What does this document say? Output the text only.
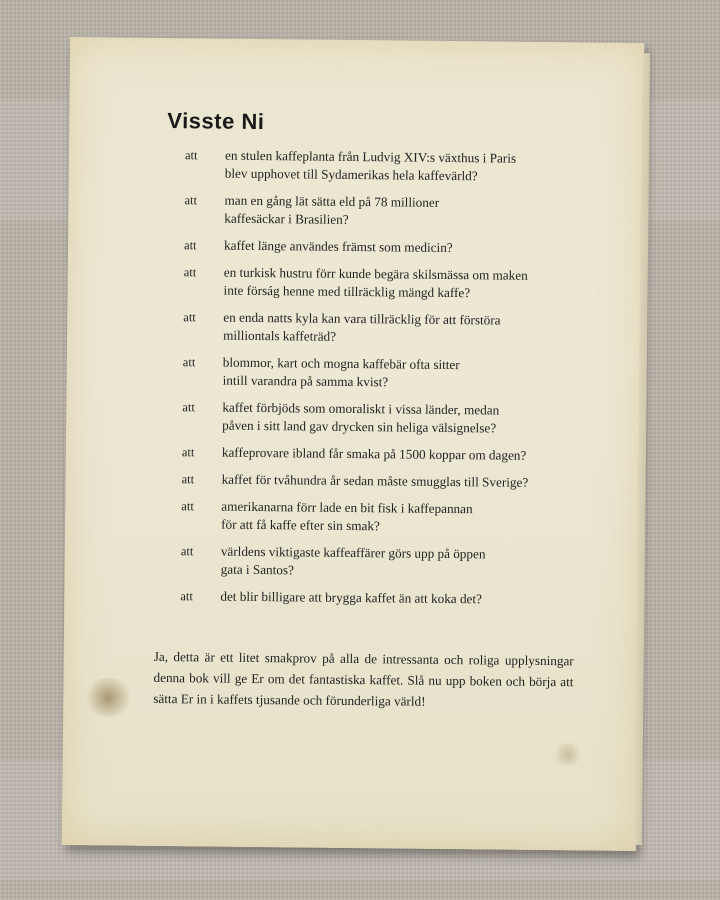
Visste Ni
att	en stulen kaffeplanta från Ludvig XIV:s växthus i Paris
blev upphovet till Sydamerikas hela kaffevärld?
att	man en gång lät sätta eld på 78 millioner
kaffesäckar i Brasilien?
att	kaffet länge användes främst som medicin?
att	en turkisk hustru förr kunde begära skilsmässa om maken
inte förság henne med tillräcklig mängd kaffe?
att	en enda natts kyla kan vara tillräcklig för att förstöra
milliontals kaffeträd?
att	blommor, kart och mogna kaffebär ofta sitter
intill varandra på samma kvist?
att	kaffet förbjöds som omoraliskt i vissa länder, medan
påven i sitt land gav drycken sin heliga välsignelse?
att	kaffeprovare ibland får smaka på 1500 koppar om dagen?
att	kaffet för tvåhundra år sedan måste smugglas till Sverige?
att	amerikanarna förr lade en bit fisk i kaffepannan
för att få kaffe efter sin smak?
att	världens viktigaste kaffeaffärer görs upp på öppen
gata i Santos?
att	det blir billigare att brygga kaffet än att koka det?

Ja, detta är ett litet smakprov på alla de intressanta och roliga upplysningar denna bok vill ge Er om det fantastiska kaffet. Slå nu upp boken och börja att sätta Er in i kaffets tjusande och förunderliga värld!
